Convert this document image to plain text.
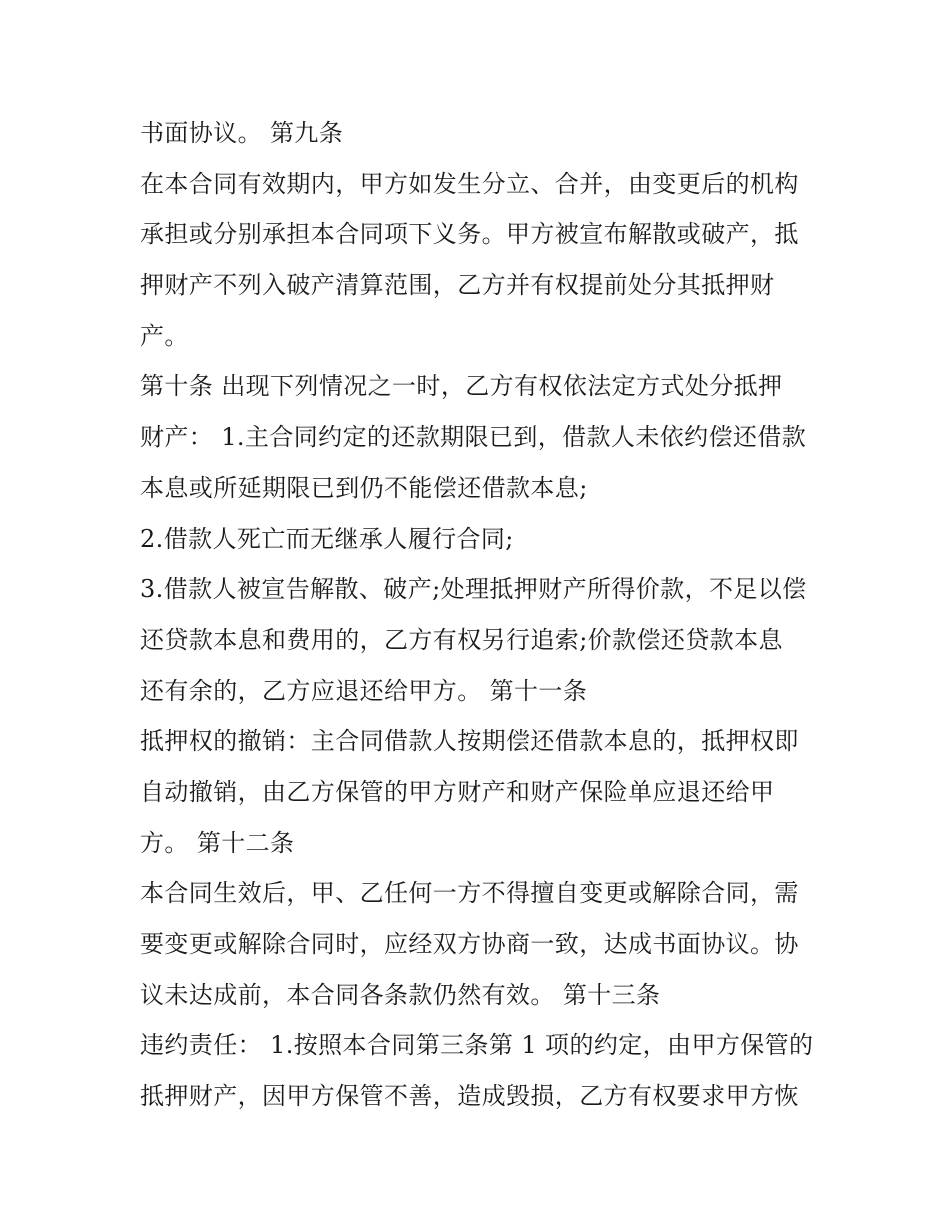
书面协议。 第九条
在本合同有效期内，甲方如发生分立、合并，由变更后的机构
承担或分别承担本合同项下义务。甲方被宣布解散或破产，抵
押财产不列入破产清算范围，乙方并有权提前处分其抵押财
产。
第十条 出现下列情况之一时，乙方有权依法定方式处分抵押
财产： 1.主合同约定的还款期限已到，借款人未依约偿还借款
本息或所延期限已到仍不能偿还借款本息;
2.借款人死亡而无继承人履行合同;
3.借款人被宣告解散、破产;处理抵押财产所得价款，不足以偿
还贷款本息和费用的，乙方有权另行追索;价款偿还贷款本息
还有余的，乙方应退还给甲方。 第十一条
抵押权的撤销：主合同借款人按期偿还借款本息的，抵押权即
自动撤销，由乙方保管的甲方财产和财产保险单应退还给甲
方。 第十二条
本合同生效后，甲、乙任何一方不得擅自变更或解除合同，需
要变更或解除合同时，应经双方协商一致，达成书面协议。协
议未达成前，本合同各条款仍然有效。 第十三条
违约责任： 1.按照本合同第三条第 1 项的约定，由甲方保管的
抵押财产，因甲方保管不善，造成毁损，乙方有权要求甲方恢
